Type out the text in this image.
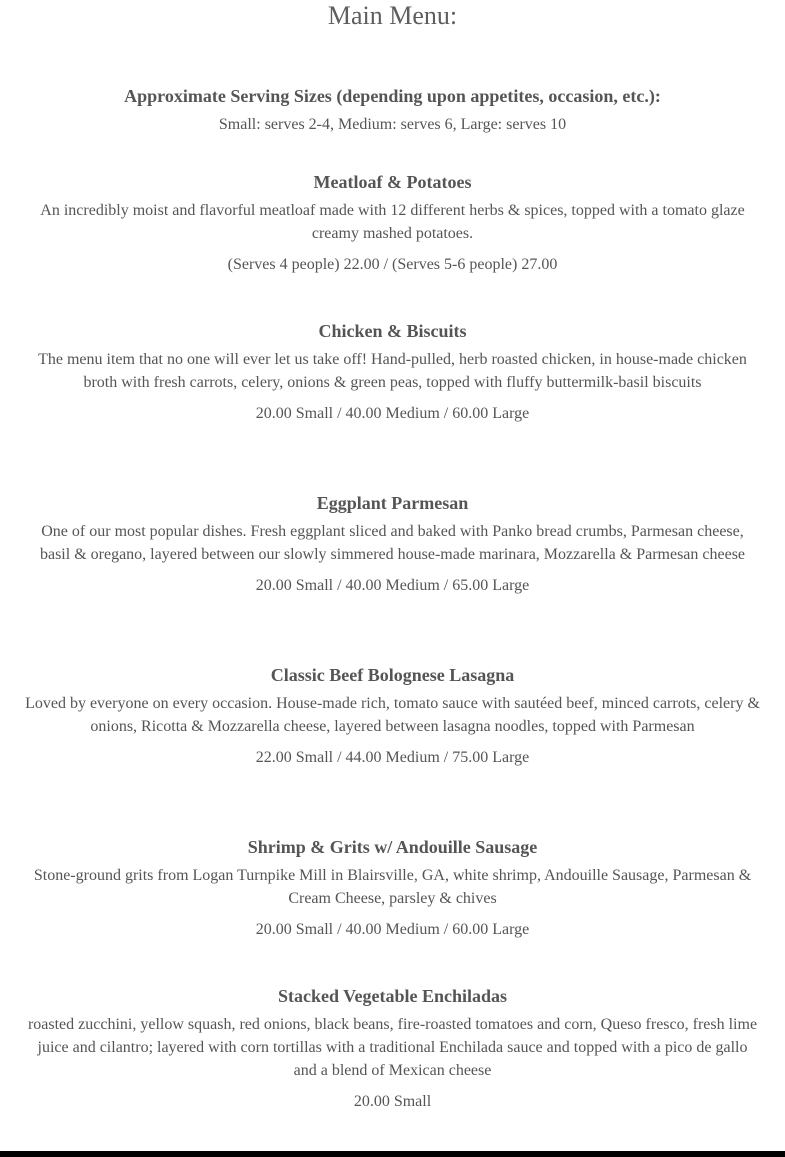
Main Menu:
Approximate Serving Sizes (depending upon appetites, occasion, etc.):
Small: serves 2-4, Medium: serves 6, Large: serves 10
Meatloaf & Potatoes
An incredibly moist and flavorful meatloaf made with 12 different herbs & spices, topped with a tomato glaze creamy mashed potatoes.
(Serves 4 people) 22.00 / (Serves 5-6 people) 27.00
Chicken & Biscuits
The menu item that no one will ever let us take off! Hand-pulled, herb roasted chicken, in house-made chicken broth with fresh carrots, celery, onions & green peas, topped with fluffy buttermilk-basil biscuits
20.00 Small / 40.00 Medium / 60.00 Large
Eggplant Parmesan
One of our most popular dishes. Fresh eggplant sliced and baked with Panko bread crumbs, Parmesan cheese, basil & oregano, layered between our slowly simmered house-made marinara, Mozzarella & Parmesan cheese
20.00 Small / 40.00 Medium / 65.00 Large
Classic Beef Bolognese Lasagna
Loved by everyone on every occasion. House-made rich, tomato sauce with sautéed beef, minced carrots, celery & onions, Ricotta & Mozzarella cheese, layered between lasagna noodles, topped with Parmesan
22.00 Small / 44.00 Medium / 75.00 Large
Shrimp & Grits w/ Andouille Sausage
Stone-ground grits from Logan Turnpike Mill in Blairsville, GA, white shrimp, Andouille Sausage, Parmesan & Cream Cheese, parsley & chives
20.00 Small / 40.00 Medium / 60.00 Large
Stacked Vegetable Enchiladas
roasted zucchini, yellow squash, red onions, black beans, fire-roasted tomatoes and corn, Queso fresco, fresh lime juice and cilantro; layered with corn tortillas with a traditional Enchilada sauce and topped with a pico de gallo and a blend of Mexican cheese
20.00 Small
